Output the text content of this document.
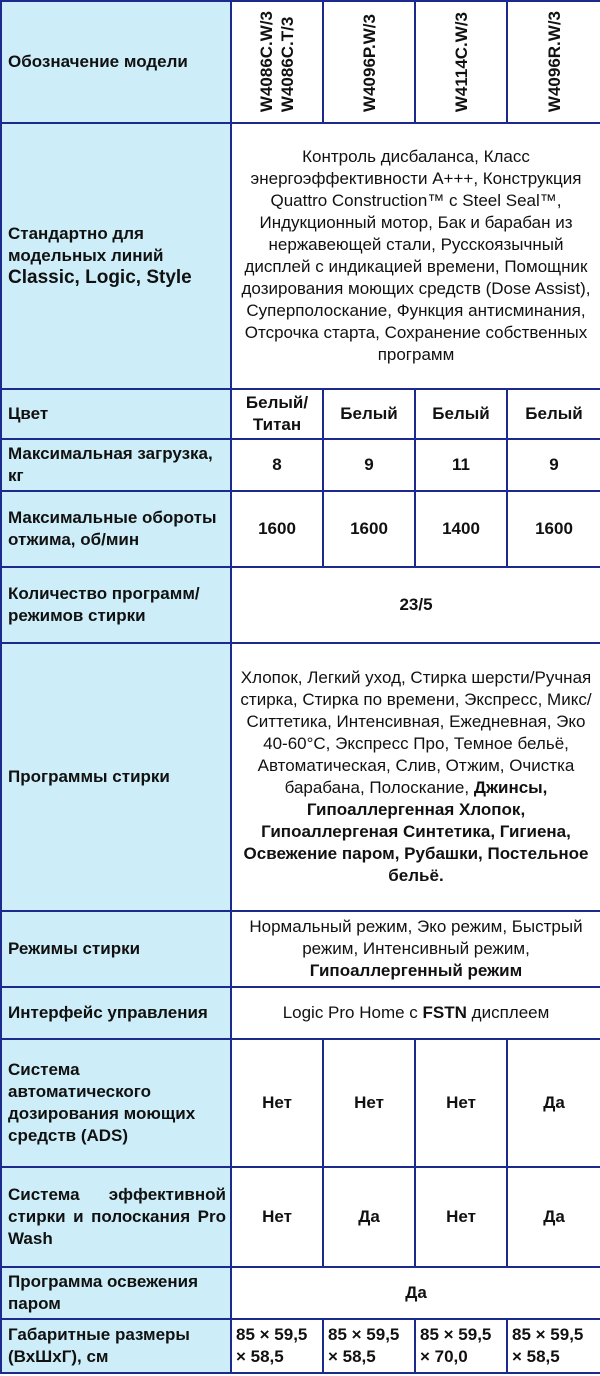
Обозначение модели	W4086C.W/3 W4086C.T/3	W4096P.W/3	W4114C.W/3	W4096R.W/3
Стандартно для модельных линий
Classic, Logic, Style	Контроль дисбаланса, Класс энергоэффективности А+++, Конструкция Quattro Construction™ с Steel Seal™, Индукционный мотор, Бак и барабан из нержавеющей стали, Русскоязычный дисплей с индикацией времени, Помощник дозирования моющих средств (Dose Assist), Суперполоскание, Функция антисминания, Отсрочка старта, Сохранение собственных программ			
Цвет	Белый/ Титан	Белый	Белый	Белый
Максимальная загрузка, кг	8	9	11	9
Максимальные обороты отжима, об/мин	1600	1600	1400	1600
Количество программ/ режимов стирки	23/5			
Программы стирки	Хлопок, Легкий уход, Стирка шерсти/Ручная стирка, Стирка по времени, Экспресс, Микс/Ситтетика, Интенсивная, Ежедневная, Эко 40-60°С, Экспресс Про, Темное бельё, Автоматическая, Слив, Отжим, Очистка барабана, Полоскание, Джинсы, Гипоаллергенная Хлопок, Гипоаллергеная Синтетика, Гигиена, Освежение паром, Рубашки, Постельное бельё.			
Режимы стирки	Нормальный режим, Эко режим, Быстрый режим, Интенсивный режим, Гипоаллергенный режим			
Интерфейс управления	Logic Pro Home с FSTN дисплеем			
Система автоматического дозирования моющих средств (ADS)	Нет	Нет	Нет	Да
Система эффективной стирки и полоскания Pro Wash	Нет	Да	Нет	Да
Программа освежения паром	Да			
Габаритные размеры (ВхШхГ), см	85 × 59,5 × 58,5	85 × 59,5 × 58,5	85 × 59,5 × 70,0	85 × 59,5 × 58,5
